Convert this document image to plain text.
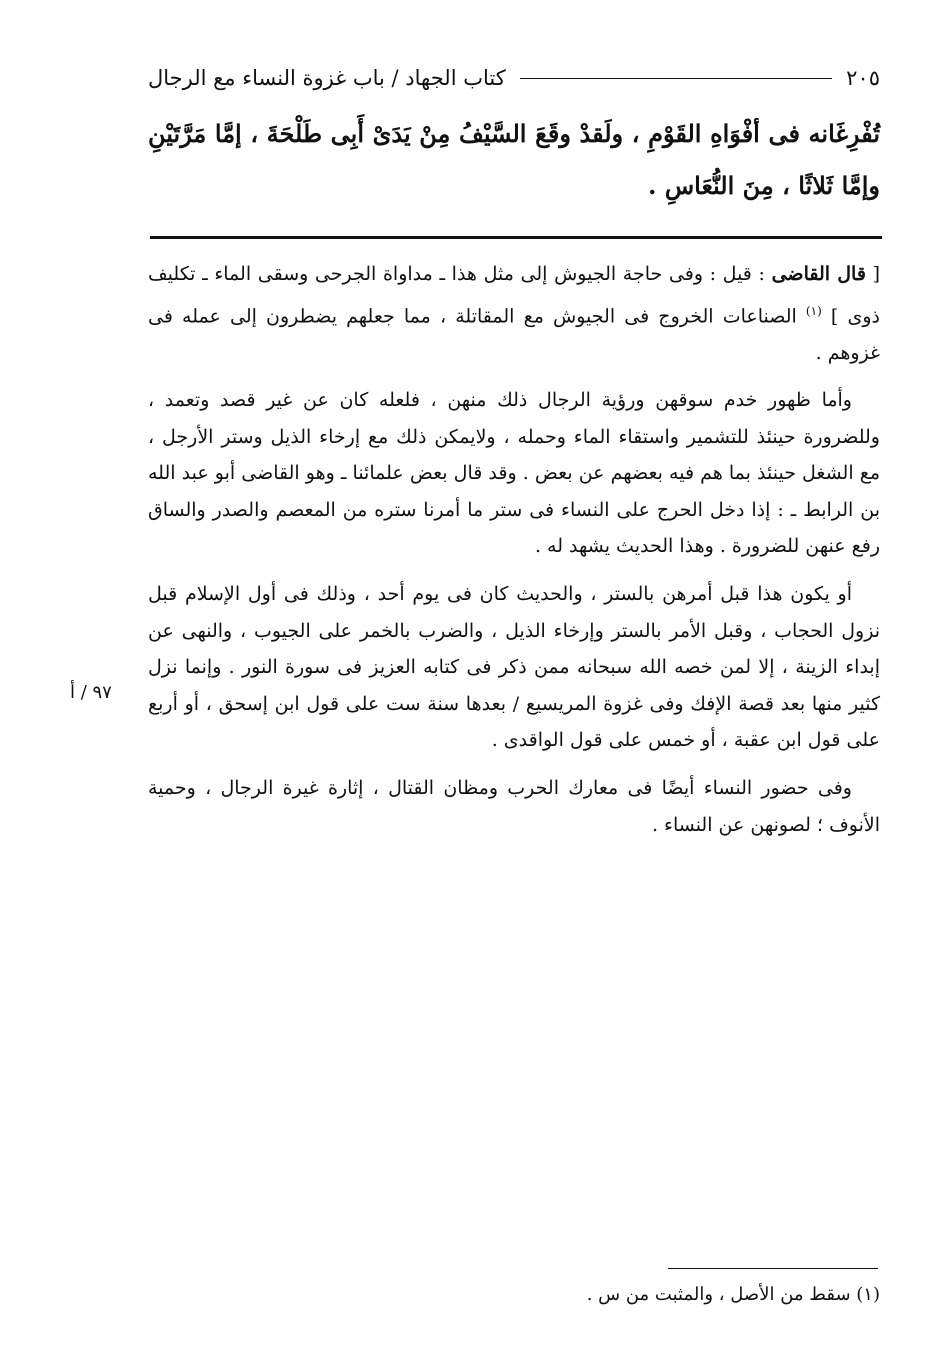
كتاب الجهاد / باب غزوة النساء مع الرجال	٢٠٥
تُفْرِغَانه فى أفْوَاهِ القَوْمِ ، ولَقدْ وقَعَ السَّيْفُ مِنْ يَدَىْ أَبِى طَلْحَةَ ، إمَّا مَرَّتَيْنِ وإمَّا ثَلاثًا ، مِنَ النُّعَاسِ .

[ قال القاضى : قيل : وفى حاجة الجيوش إلى مثل هذا ـ مداواة الجرحى وسقى الماء ـ تكليف ذوى ] $^{(١)}$ الصناعات الخروج فى الجيوش مع المقاتلة ، مما جعلهم يضطرون إلى عمله فى غزوهم .

وأما ظهور خدم سوقهن ورؤية الرجال ذلك منهن ، فلعله كان عن غير قصد وتعمد ، وللضرورة حينئذ للتشمير واستقاء الماء وحمله ، ولايمكن ذلك مع إرخاء الذيل وستر الأرجل ، مع الشغل حينئذ بما هم فيه بعضهم عن بعض . وقد قال بعض علمائنا ـ وهو القاضى أبو عبد الله بن الرابط ـ : إذا دخل الحرج على النساء فى ستر ما أمرنا ستره من المعصم والصدر والساق رفع عنهن للضرورة . وهذا الحديث يشهد له .

أو يكون هذا قبل أمرهن بالستر ، والحديث كان فى يوم أحد ، وذلك فى أول الإسلام قبل نزول الحجاب ، وقبل الأمر بالستر وإرخاء الذيل ، والضرب بالخمر على الجيوب ، والنهى عن إبداء الزينة ، إلا لمن خصه الله سبحانه ممن ذكر فى كتابه العزيز فى سورة النور . وإنما نزل كثير منها بعد قصة الإفك وفى غزوة المريسيع / بعدها سنة ست على قول ابن إسحق ، أو أربع على قول ابن عقبة ، أو خمس على قول الواقدى .

وفى حضور النساء أيضًا فى معارك الحرب ومظان القتال ، إثارة غيرة الرجال ، وحمية الأنوف ؛ لصونهن عن النساء .

٩٧ / أ
(١) سقط من الأصل ، والمثبت من س .
